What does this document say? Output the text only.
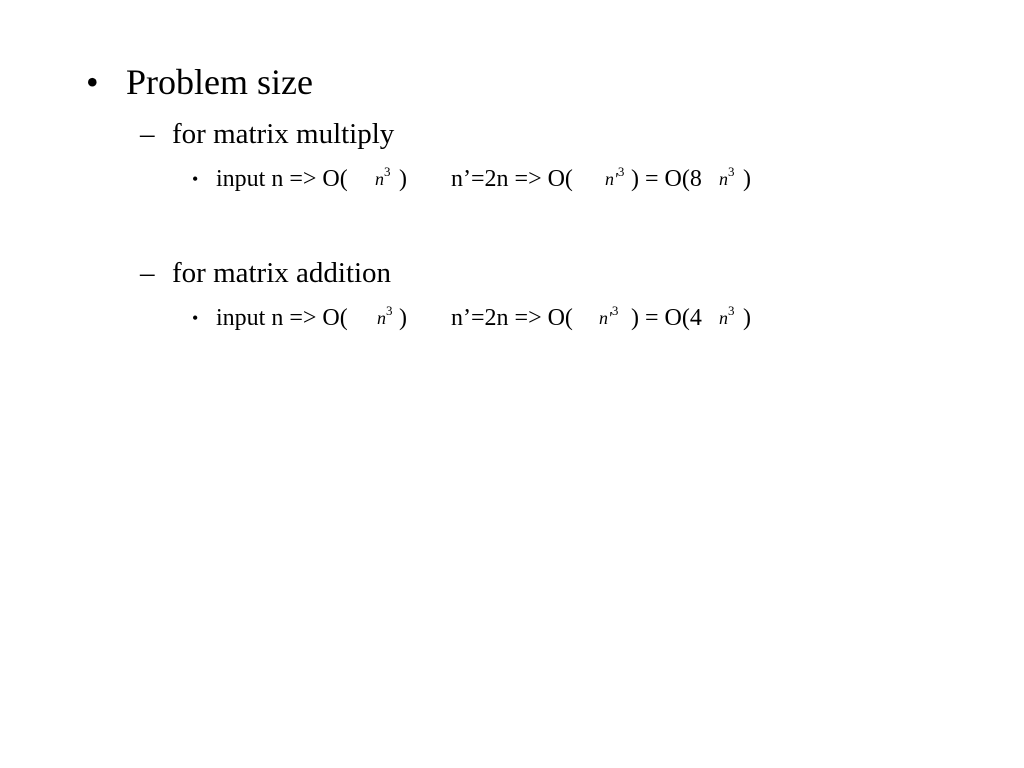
• Problem size
– for matrix multiply
• input n => O( $n^3$ ) n’=2n => O( $n'^3$ ) = O(8 $n^3$ )
– for matrix addition
• input n => O( $n^3$ ) n’=2n => O( $n'^3$ ) = O(4 $n^3$ )
